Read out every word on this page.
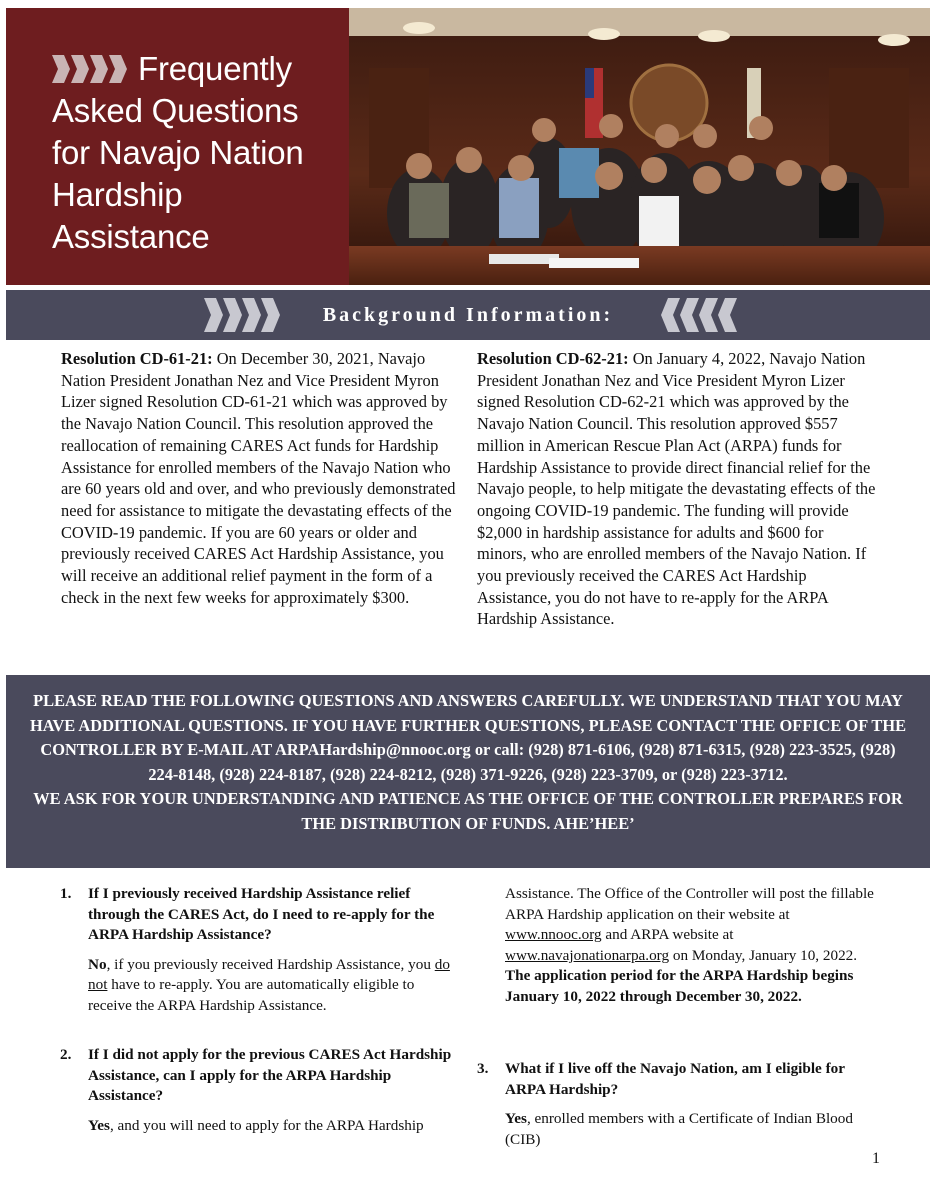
Frequently
Asked Questions
for Navajo Nation
Hardship
Assistance
Background Information:
Resolution CD-61-21: On December 30, 2021, Navajo Nation President Jonathan Nez and Vice President Myron Lizer signed Resolution CD-61-21 which was approved by the Navajo Nation Council. This resolution approved the reallocation of remaining CARES Act funds for Hardship Assistance for enrolled members of the Navajo Nation who are 60 years old and over, and who previously demonstrated need for assistance to mitigate the devastating effects of the COVID-19 pandemic. If you are 60 years or older and previously received CARES Act Hardship Assistance, you will receive an additional relief payment in the form of a check in the next few weeks for approximately $300.
Resolution CD-62-21: On January 4, 2022, Navajo Nation President Jonathan Nez and Vice President Myron Lizer signed Resolution CD-62-21 which was approved by the Navajo Nation Council. This resolution approved $557 million in American Rescue Plan Act (ARPA) funds for Hardship Assistance to provide direct financial relief for the Navajo people, to help mitigate the devastating effects of the ongoing COVID-19 pandemic. The funding will provide $2,000 in hardship assistance for adults and $600 for minors, who are enrolled members of the Navajo Nation. If you previously received the CARES Act Hardship Assistance, you do not have to re-apply for the ARPA Hardship Assistance.

PLEASE READ THE FOLLOWING QUESTIONS AND ANSWERS CAREFULLY. WE UNDERSTAND THAT YOU MAY HAVE ADDITIONAL QUESTIONS. IF YOU HAVE FURTHER QUESTIONS, PLEASE CONTACT THE OFFICE OF THE CONTROLLER BY E-MAIL AT ARPAHardship@nnooc.org or call: (928) 871-6106, (928) 871-6315, (928) 223-3525, (928) 224-8148, (928) 224-8187, (928) 224-8212, (928) 371-9226, (928) 223-3709, or (928) 223-3712.

WE ASK FOR YOUR UNDERSTANDING AND PATIENCE AS THE OFFICE OF THE CONTROLLER PREPARES FOR THE DISTRIBUTION OF FUNDS. AHE’HEE’

1. If I previously received Hardship Assistance relief through the CARES Act, do I need to re-apply for the ARPA Hardship Assistance?

No, if you previously received Hardship Assistance, you do not have to re-apply. You are automatically eligible to receive the ARPA Hardship Assistance.

2. If I did not apply for the previous CARES Act Hardship Assistance, can I apply for the ARPA Hardship Assistance?

Yes, and you will need to apply for the ARPA Hardship

Assistance. The Office of the Controller will post the fillable ARPA Hardship application on their website at www.nnooc.org and ARPA website at www.navajonationarpa.org on Monday, January 10, 2022. The application period for the ARPA Hardship begins January 10, 2022 through December 30, 2022.
3. What if I live off the Navajo Nation, am I eligible for ARPA Hardship?

Yes, enrolled members with a Certificate of Indian Blood (CIB)

1
